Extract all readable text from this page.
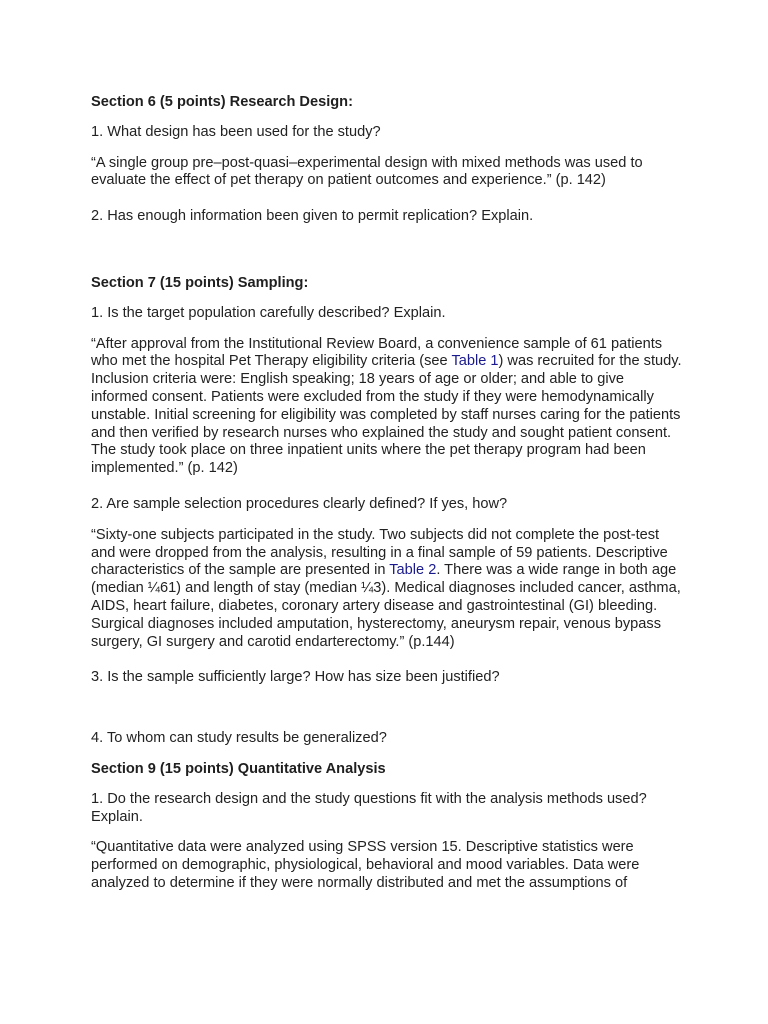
Section 6 (5 points) Research Design:

1. What design has been used for the study?

“A single group pre–post-quasi–experimental design with mixed methods was used to evaluate the effect of pet therapy on patient outcomes and experience.” (p. 142)

2. Has enough information been given to permit replication? Explain.

Section 7 (15 points) Sampling:

1. Is the target population carefully described? Explain.

“After approval from the Institutional Review Board, a convenience sample of 61 patients who met the hospital Pet Therapy eligibility criteria (see Table 1) was recruited for the study. Inclusion criteria were: English speaking; 18 years of age or older; and able to give informed consent. Patients were excluded from the study if they were hemodynamically unstable. Initial screening for eligibility was completed by staff nurses caring for the patients and then verified by research nurses who explained the study and sought patient consent. The study took place on three inpatient units where the pet therapy program had been implemented.” (p. 142)

2. Are sample selection procedures clearly defined? If yes, how?

“Sixty-one subjects participated in the study. Two subjects did not complete the post-test and were dropped from the analysis, resulting in a final sample of 59 patients. Descriptive characteristics of the sample are presented in Table 2. There was a wide range in both age (median ¼61) and length of stay (median ¼3). Medical diagnoses included cancer, asthma, AIDS, heart failure, diabetes, coronary artery disease and gastrointestinal (GI) bleeding. Surgical diagnoses included amputation, hysterectomy, aneurysm repair, venous bypass surgery, GI surgery and carotid endarterectomy.” (p.144)

3. Is the sample sufficiently large? How has size been justified?

4. To whom can study results be generalized?

Section 9 (15 points) Quantitative Analysis

1. Do the research design and the study questions fit with the analysis methods used? Explain.

“Quantitative data were analyzed using SPSS version 15. Descriptive statistics were performed on demographic, physiological, behavioral and mood variables. Data were analyzed to determine if they were normally distributed and met the assumptions of
